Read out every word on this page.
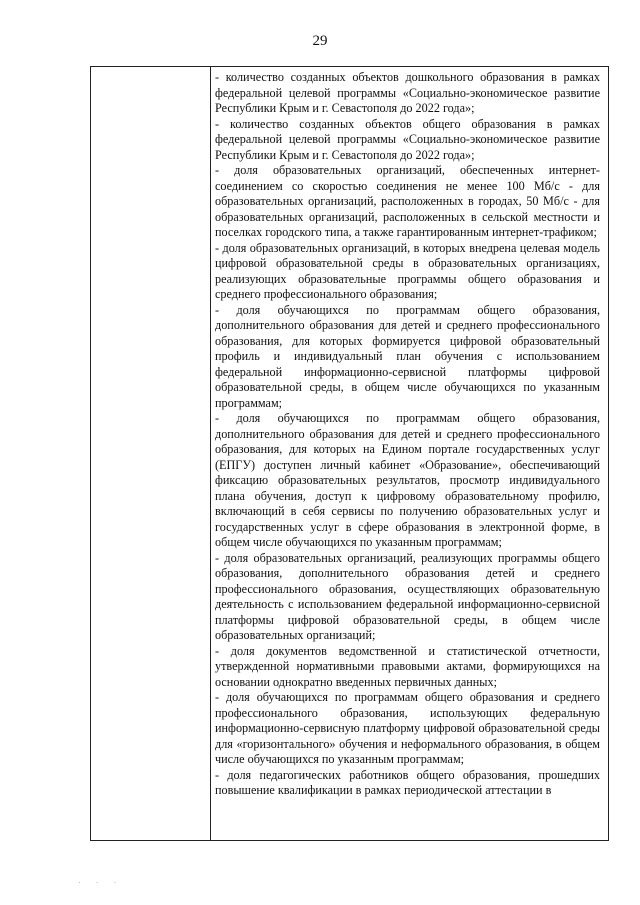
29

- количество созданных объектов дошкольного образования в рамках федеральной целевой программы «Социально-экономическое развитие Республики Крым и г. Севастополя до 2022 года»;

- количество созданных объектов общего образования в рамках федеральной целевой программы «Социально-экономическое развитие Республики Крым и г. Севастополя до 2022 года»;

- доля образовательных организаций, обеспеченных интернет-соединением со скоростью соединения не менее 100 Мб/с - для образовательных организаций, расположенных в городах, 50 Мб/с - для образовательных организаций, расположенных в сельской местности и поселках городского типа, а также гарантированным интернет-трафиком;

- доля образовательных организаций, в которых внедрена целевая модель цифровой образовательной среды в образовательных организациях, реализующих образовательные программы общего образования и среднего профессионального образования;

- доля обучающихся по программам общего образования, дополнительного образования для детей и среднего профессионального образования, для которых формируется цифровой образовательный профиль и индивидуальный план обучения с использованием федеральной информационно-сервисной платформы цифровой образовательной среды, в общем числе обучающихся по указанным программам;

- доля обучающихся по программам общего образования, дополнительного образования для детей и среднего профессионального образования, для которых на Едином портале государственных услуг (ЕПГУ) доступен личный кабинет «Образование», обеспечивающий фиксацию образовательных результатов, просмотр индивидуального плана обучения, доступ к цифровому образовательному профилю, включающий в себя сервисы по получению образовательных услуг и государственных услуг в сфере образования в электронной форме, в общем числе обучающихся по указанным программам;

- доля образовательных организаций, реализующих программы общего образования, дополнительного образования детей и среднего профессионального образования, осуществляющих образовательную деятельность с использованием федеральной информационно-сервисной платформы цифровой образовательной среды, в общем числе образовательных организаций;

- доля документов ведомственной и статистической отчетности, утвержденной нормативными правовыми актами, формирующихся на основании однократно введенных первичных данных;

- доля обучающихся по программам общего образования и среднего профессионального образования, использующих федеральную информационно-сервисную платформу цифровой образовательной среды для «горизонтального» обучения и неформального образования, в общем числе обучающихся по указанным программам;

- доля педагогических работников общего образования, прошедших повышение квалификации в рамках периодической аттестации в

. . .
